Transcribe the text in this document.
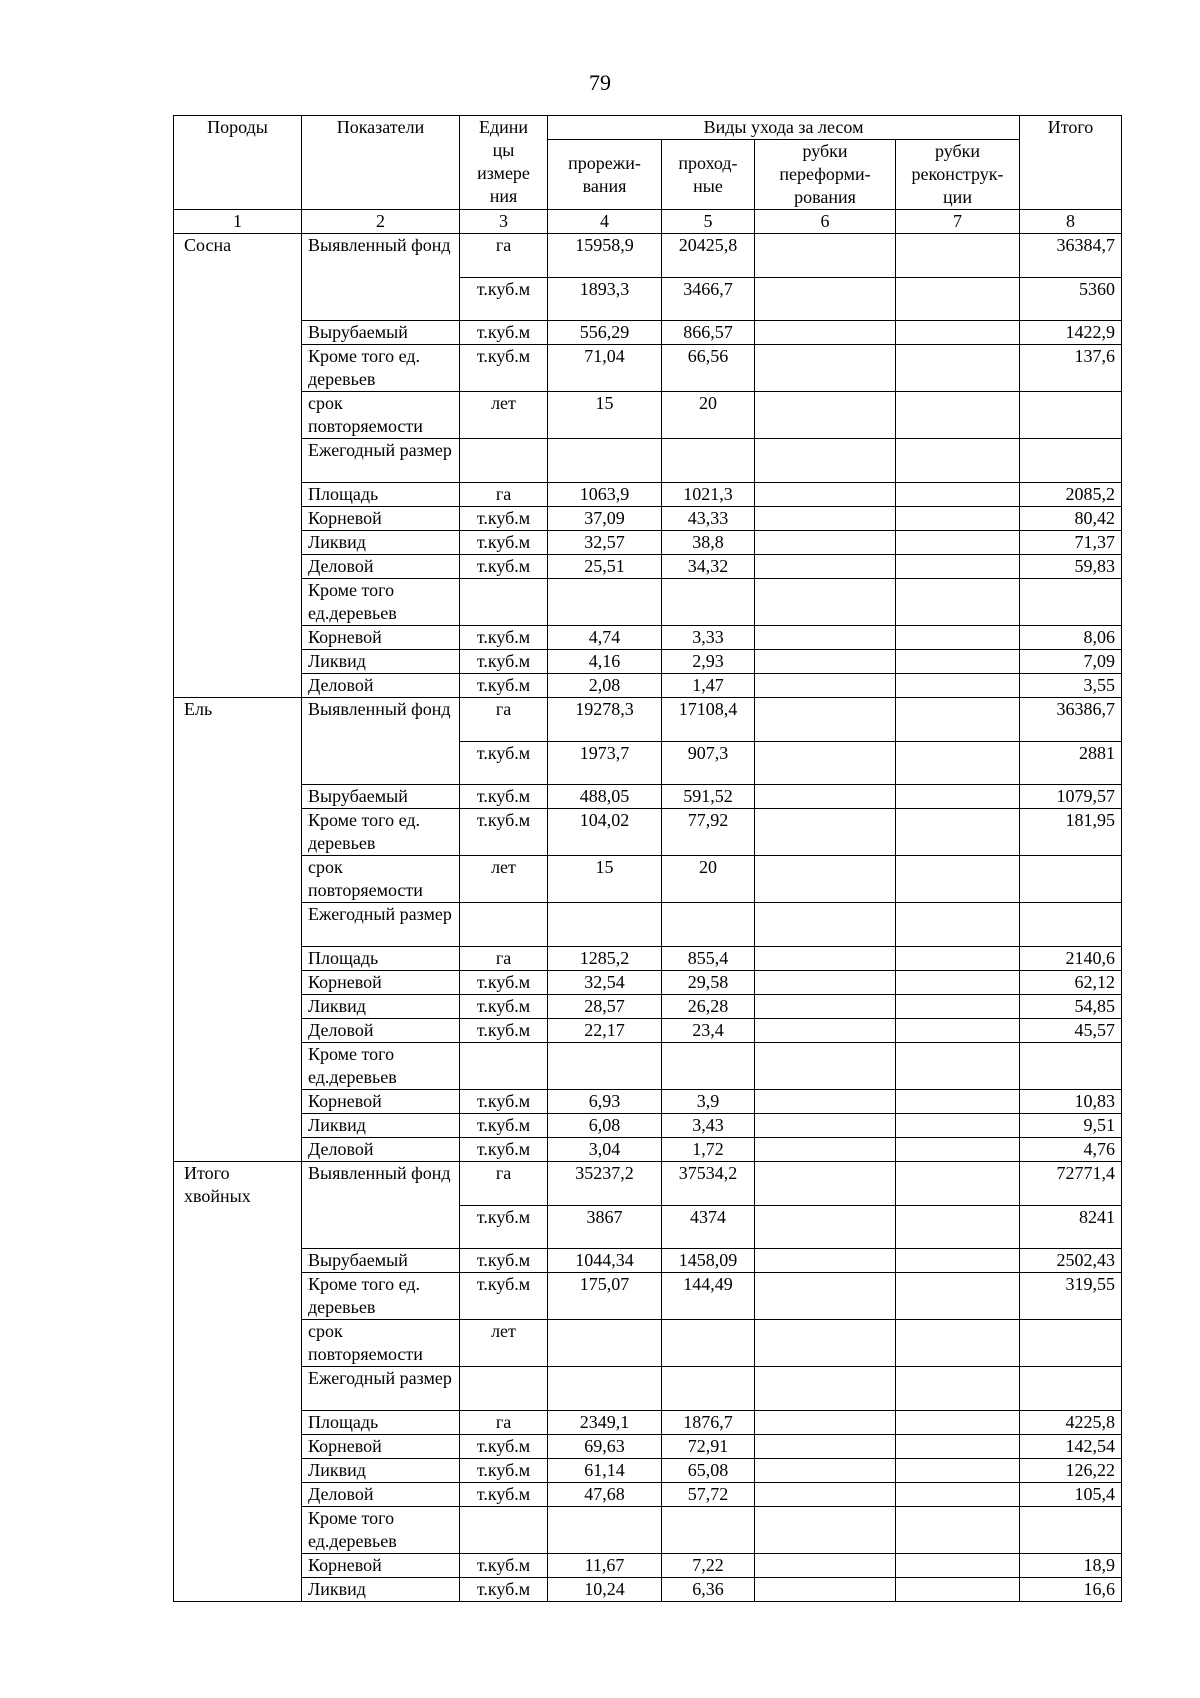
79
Породы	Показатели	Едини цы измере ния	Виды ухода за лесом				Итого
			прорежи- вания	проход- ные	рубки переформи- рования	рубки реконструк- ции	
1	2	3	4	5	6	7	8
Сосна	Выявленный фонд	га	15958,9	20425,8			36384,7
		т.куб.м	1893,3	3466,7			5360
	Вырубаемый	т.куб.м	556,29	866,57			1422,9
	Кроме того ед. деревьев	т.куб.м	71,04	66,56			137,6
	срок повторяемости	лет	15	20			
	Ежегодный размер						
	Площадь	га	1063,9	1021,3			2085,2
	Корневой	т.куб.м	37,09	43,33			80,42
	Ликвид	т.куб.м	32,57	38,8			71,37
	Деловой	т.куб.м	25,51	34,32			59,83
	Кроме того ед.деревьев						
	Корневой	т.куб.м	4,74	3,33			8,06
	Ликвид	т.куб.м	4,16	2,93			7,09
	Деловой	т.куб.м	2,08	1,47			3,55
Ель	Выявленный фонд	га	19278,3	17108,4			36386,7
		т.куб.м	1973,7	907,3			2881
	Вырубаемый	т.куб.м	488,05	591,52			1079,57
	Кроме того ед. деревьев	т.куб.м	104,02	77,92			181,95
	срок повторяемости	лет	15	20			
	Ежегодный размер						
	Площадь	га	1285,2	855,4			2140,6
	Корневой	т.куб.м	32,54	29,58			62,12
	Ликвид	т.куб.м	28,57	26,28			54,85
	Деловой	т.куб.м	22,17	23,4			45,57
	Кроме того ед.деревьев						
	Корневой	т.куб.м	6,93	3,9			10,83
	Ликвид	т.куб.м	6,08	3,43			9,51
	Деловой	т.куб.м	3,04	1,72			4,76
Итого хвойных	Выявленный фонд	га	35237,2	37534,2			72771,4
		т.куб.м	3867	4374			8241
	Вырубаемый	т.куб.м	1044,34	1458,09			2502,43
	Кроме того ед. деревьев	т.куб.м	175,07	144,49			319,55
	срок повторяемости	лет					
	Ежегодный размер						
	Площадь	га	2349,1	1876,7			4225,8
	Корневой	т.куб.м	69,63	72,91			142,54
	Ликвид	т.куб.м	61,14	65,08			126,22
	Деловой	т.куб.м	47,68	57,72			105,4
	Кроме того ед.деревьев						
	Корневой	т.куб.м	11,67	7,22			18,9
	Ликвид	т.куб.м	10,24	6,36			16,6
